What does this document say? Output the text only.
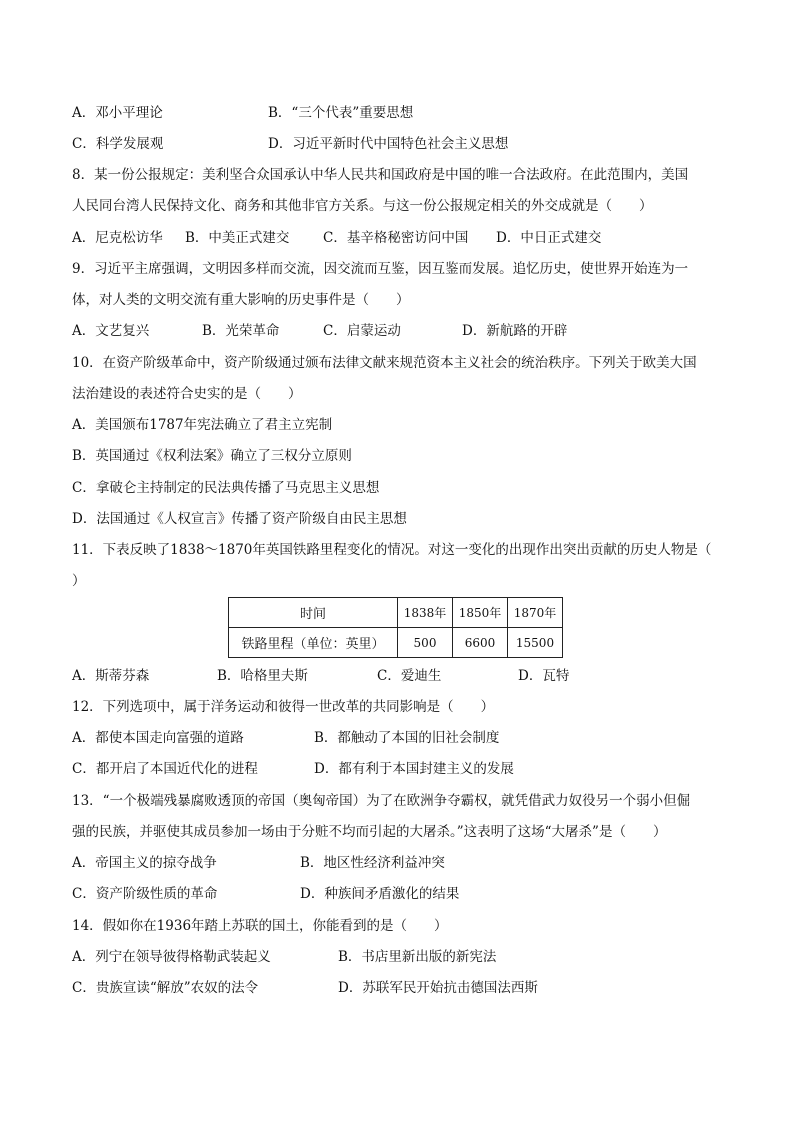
A．邓小平理论	B．“三个代表”重要思想
C．科学发展观	D．习近平新时代中国特色社会主义思想
8．某一份公报规定：美利坚合众国承认中华人民共和国政府是中国的唯一合法政府。在此范围内，美国
人民同台湾人民保持文化、商务和其他非官方关系。与这一份公报规定相关的外交成就是（　　）
A．尼克松访华 B．中美正式建交 C．基辛格秘密访问中国 D．中日正式建交
9．习近平主席强调，文明因多样而交流，因交流而互鉴，因互鉴而发展。追忆历史，使世界开始连为一
体，对人类的文明交流有重大影响的历史事件是（　　）
A．文艺复兴	B．光荣革命	C．启蒙运动	D．新航路的开辟
10．在资产阶级革命中，资产阶级通过颁布法律文献来规范资本主义社会的统治秩序。下列关于欧美大国
法治建设的表述符合史实的是（　　）
A．美国颁布1787年宪法确立了君主立宪制
B．英国通过《权利法案》确立了三权分立原则
C．拿破仑主持制定的民法典传播了马克思主义思想
D．法国通过《人权宣言》传播了资产阶级自由民主思想
11．下表反映了1838～1870年英国铁路里程变化的情况。对这一变化的出现作出突出贡献的历史人物是（
）
时间	1838年	1850年	1870年
铁路里程（单位：英里）	500	6600	15500
A．斯蒂芬森	B．哈格里夫斯	C．爱迪生	D．瓦特
12．下列选项中，属于洋务运动和彼得一世改革的共同影响是（　　）
A．都使本国走向富强的道路	B．都触动了本国的旧社会制度
C．都开启了本国近代化的进程	D．都有利于本国封建主义的发展
13．“一个极端残暴腐败透顶的帝国（奥匈帝国）为了在欧洲争夺霸权，就凭借武力奴役另一个弱小但倔
强的民族，并驱使其成员参加一场由于分赃不均而引起的大屠杀。”这表明了这场“大屠杀”是（　　）
A．帝国主义的掠夺战争	B．地区性经济利益冲突
C．资产阶级性质的革命	D．种族间矛盾激化的结果
14．假如你在1936年踏上苏联的国土，你能看到的是（　　）
A．列宁在领导彼得格勒武装起义	B．书店里新出版的新宪法
C．贵族宣读“解放”农奴的法令	D．苏联军民开始抗击德国法西斯
